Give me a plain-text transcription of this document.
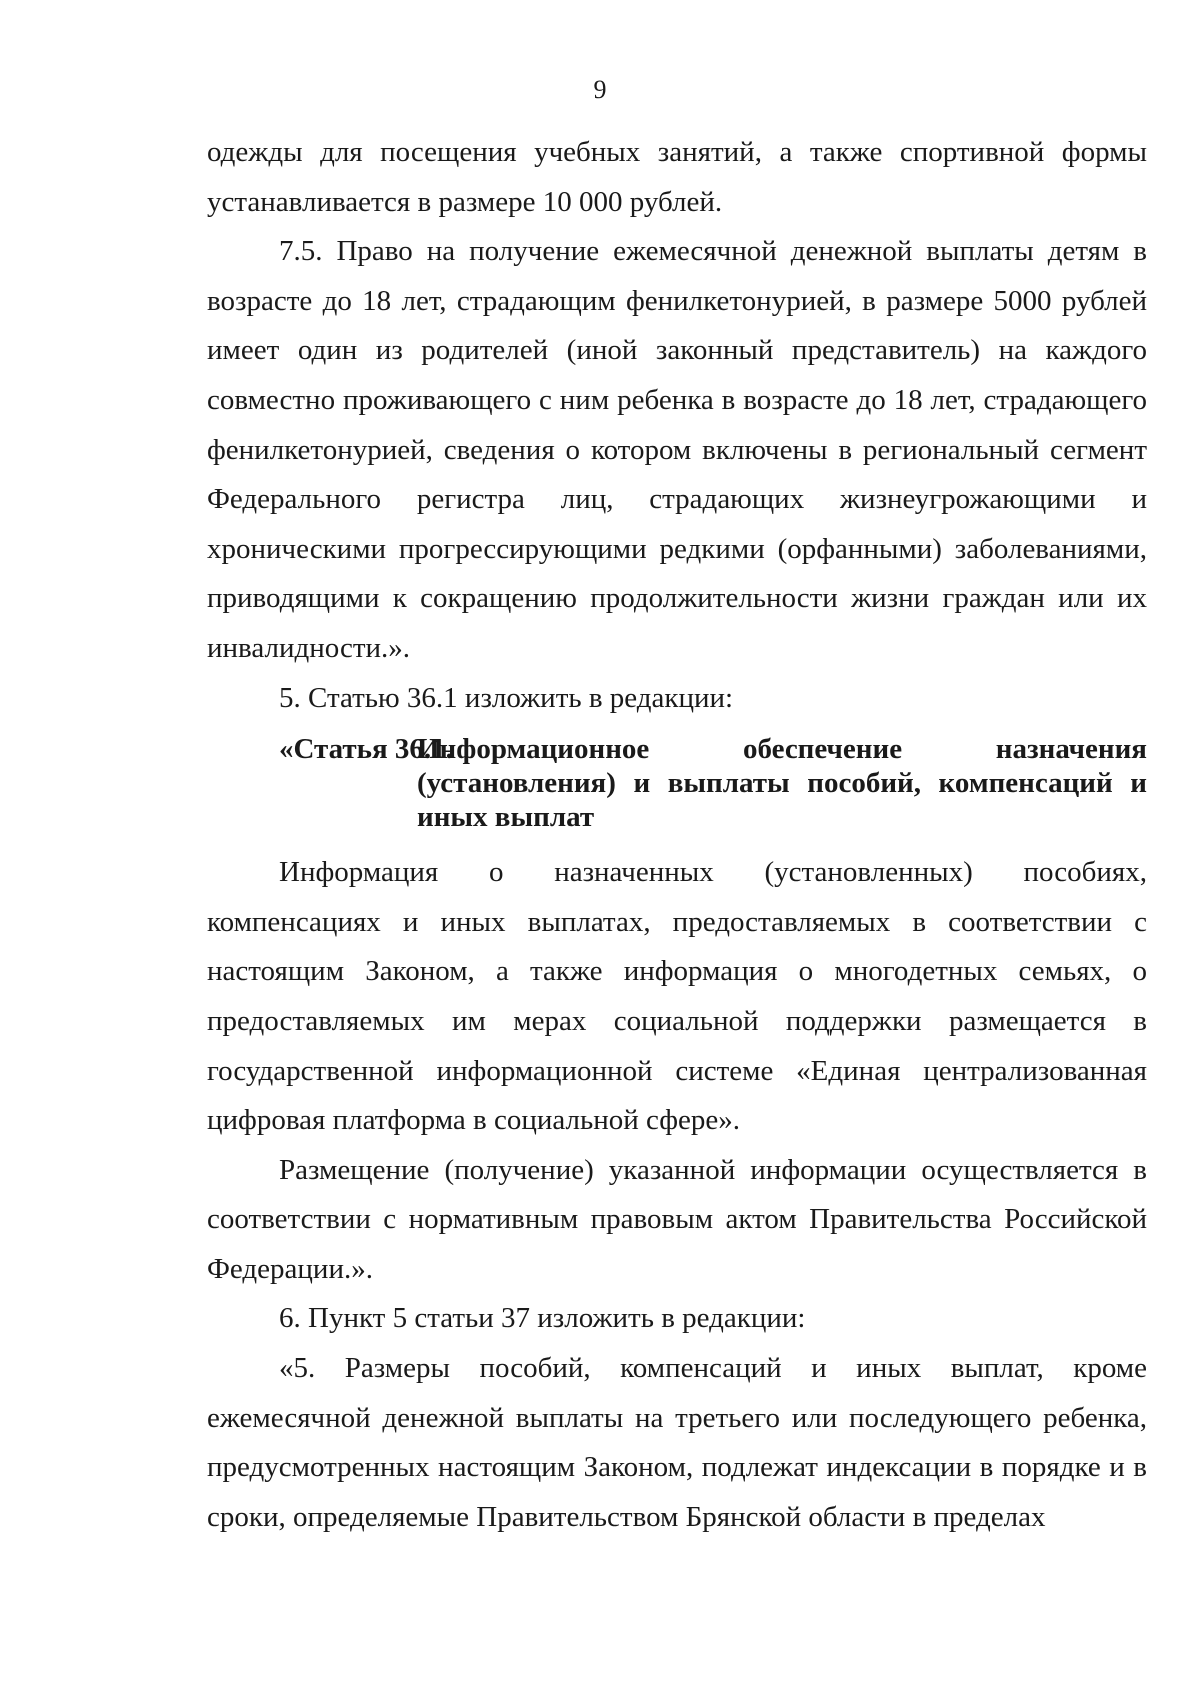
9

одежды для посещения учебных занятий, а также спортивной формы устанавливается в размере 10 000 рублей.

7.5. Право на получение ежемесячной денежной выплаты детям в возрасте до 18 лет, страдающим фенилкетонурией, в размере 5000 рублей имеет один из родителей (иной законный представитель) на каждого совместно проживающего с ним ребенка в возрасте до 18 лет, страдающего фенилкетонурией, сведения о котором включены в региональный сегмент Федерального регистра лиц, страдающих жизнеугрожающими и хроническими прогрессирующими редкими (орфанными) заболеваниями, приводящими к сокращению продолжительности жизни граждан или их инвалидности.».

5. Статью 36.1 изложить в редакции:

«Статья 36.1.
Информационное обеспечение назначения (установления) и выплаты пособий, компенсаций и иных выплат

Информация о назначенных (установленных) пособиях, компенсациях и иных выплатах, предоставляемых в соответствии с настоящим Законом, а также информация о многодетных семьях, о предоставляемых им мерах социальной поддержки размещается в государственной информационной системе «Единая централизованная цифровая платформа в социальной сфере».

Размещение (получение) указанной информации осуществляется в соответствии с нормативным правовым актом Правительства Российской Федерации.».

6. Пункт 5 статьи 37 изложить в редакции:

«5. Размеры пособий, компенсаций и иных выплат, кроме ежемесячной денежной выплаты на третьего или последующего ребенка, предусмотренных настоящим Законом, подлежат индексации в порядке и в сроки, определяемые Правительством Брянской области в пределах
